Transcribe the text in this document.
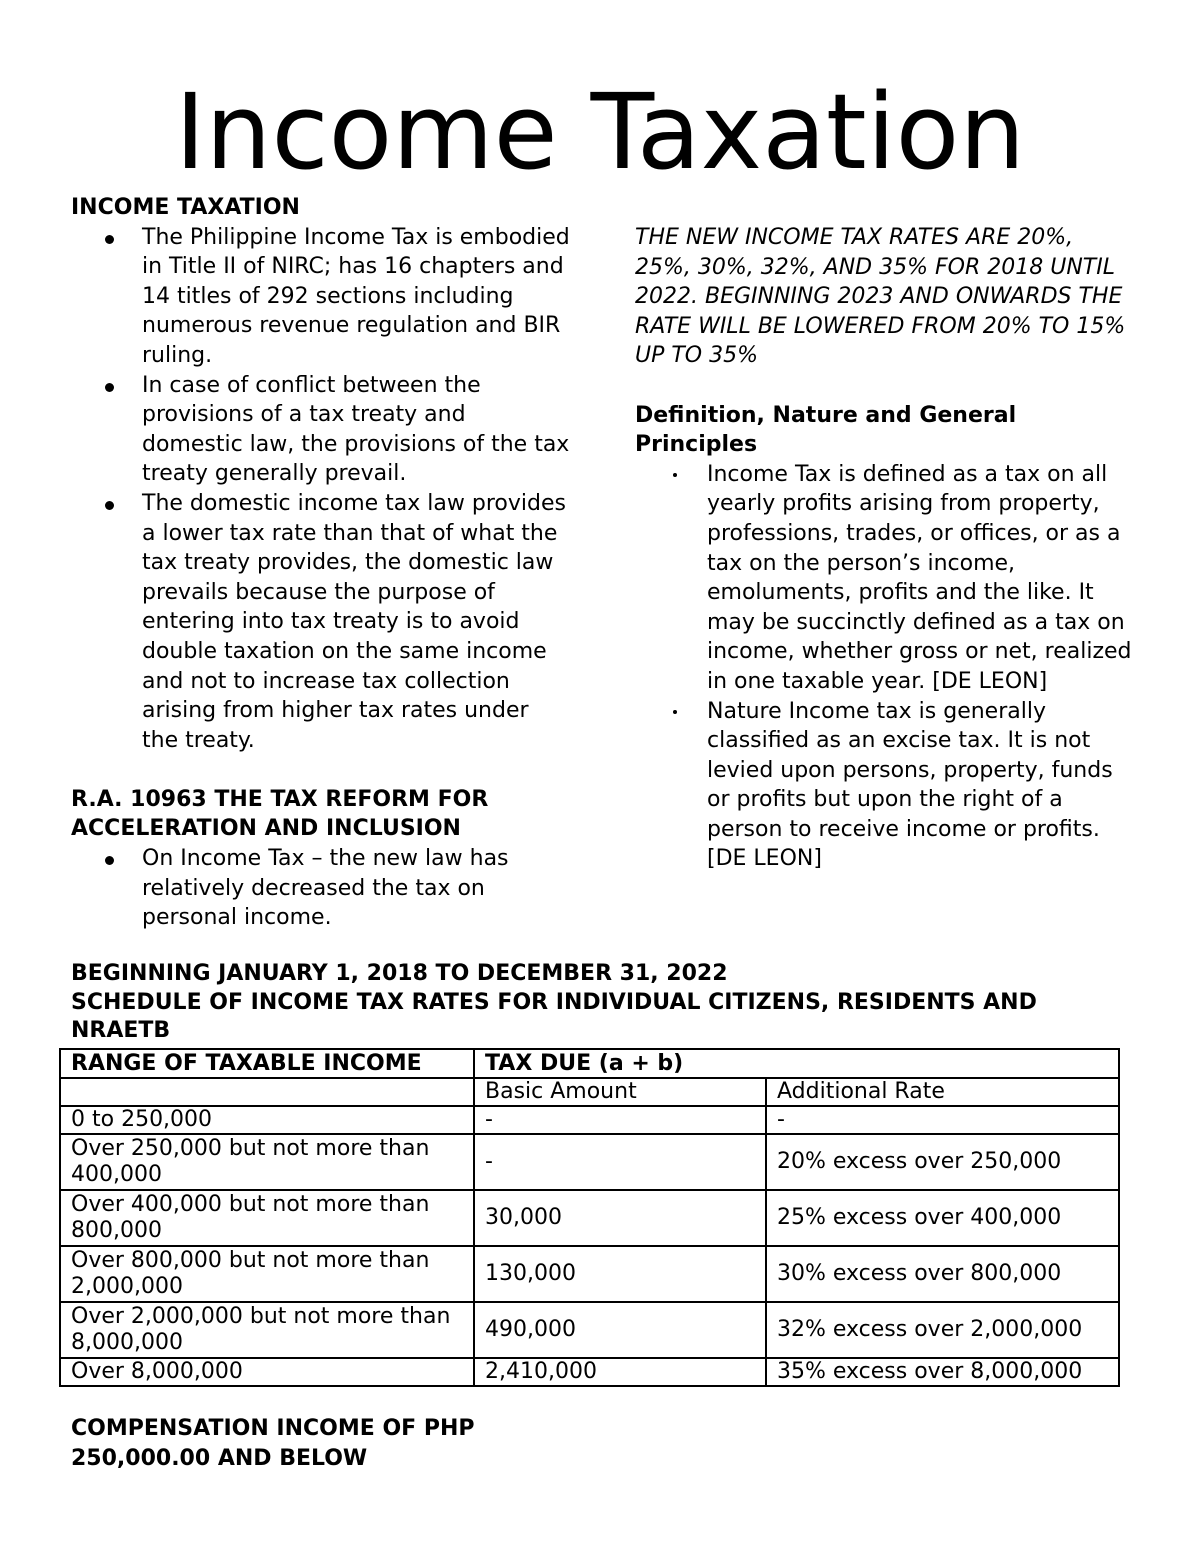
Income Taxation

INCOME TAXATION

The Philippine Income Tax is embodied in Title II of NIRC; has 16 chapters and 14 titles of 292 sections including numerous revenue regulation and BIR ruling.
In case of conflict between the provisions of a tax treaty and domestic law, the provisions of the tax treaty generally prevail.
The domestic income tax law provides a lower tax rate than that of what the tax treaty provides, the domestic law prevails because the purpose of entering into tax treaty is to avoid double taxation on the same income and not to increase tax collection arising from higher tax rates under the treaty.

R.A. 10963 THE TAX REFORM FOR ACCELERATION AND INCLUSION

On Income Tax – the new law has relatively decreased the tax on personal income.

THE NEW INCOME TAX RATES ARE 20%, 25%, 30%, 32%, AND 35% FOR 2018 UNTIL 2022. BEGINNING 2023 AND ONWARDS THE RATE WILL BE LOWERED FROM 20% TO 15% UP TO 35%

Definition, Nature and General Principles

Income Tax is defined as a tax on all yearly profits arising from property, professions, trades, or offices, or as a tax on the person’s income, emoluments, profits and the like. It may be succinctly defined as a tax on income, whether gross or net, realized in one taxable year. [DE LEON]
Nature Income tax is generally classified as an excise tax. It is not levied upon persons, property, funds or profits but upon the right of a person to receive income or profits. [DE LEON]
BEGINNING JANUARY 1, 2018 TO DECEMBER 31, 2022
SCHEDULE OF INCOME TAX RATES FOR INDIVIDUAL CITIZENS, RESIDENTS AND NRAETB
RANGE OF TAXABLE INCOME	TAX DUE (a + b)	
	Basic Amount	Additional Rate
0 to 250,000	-	-
Over 250,000 but not more than 400,000	-	20% excess over 250,000
Over 400,000 but not more than 800,000	30,000	25% excess over 400,000
Over 800,000 but not more than 2,000,000	130,000	30% excess over 800,000
Over 2,000,000 but not more than 8,000,000	490,000	32% excess over 2,000,000
Over 8,000,000	2,410,000	35% excess over 8,000,000
COMPENSATION INCOME OF PHP 250,000.00 AND BELOW
